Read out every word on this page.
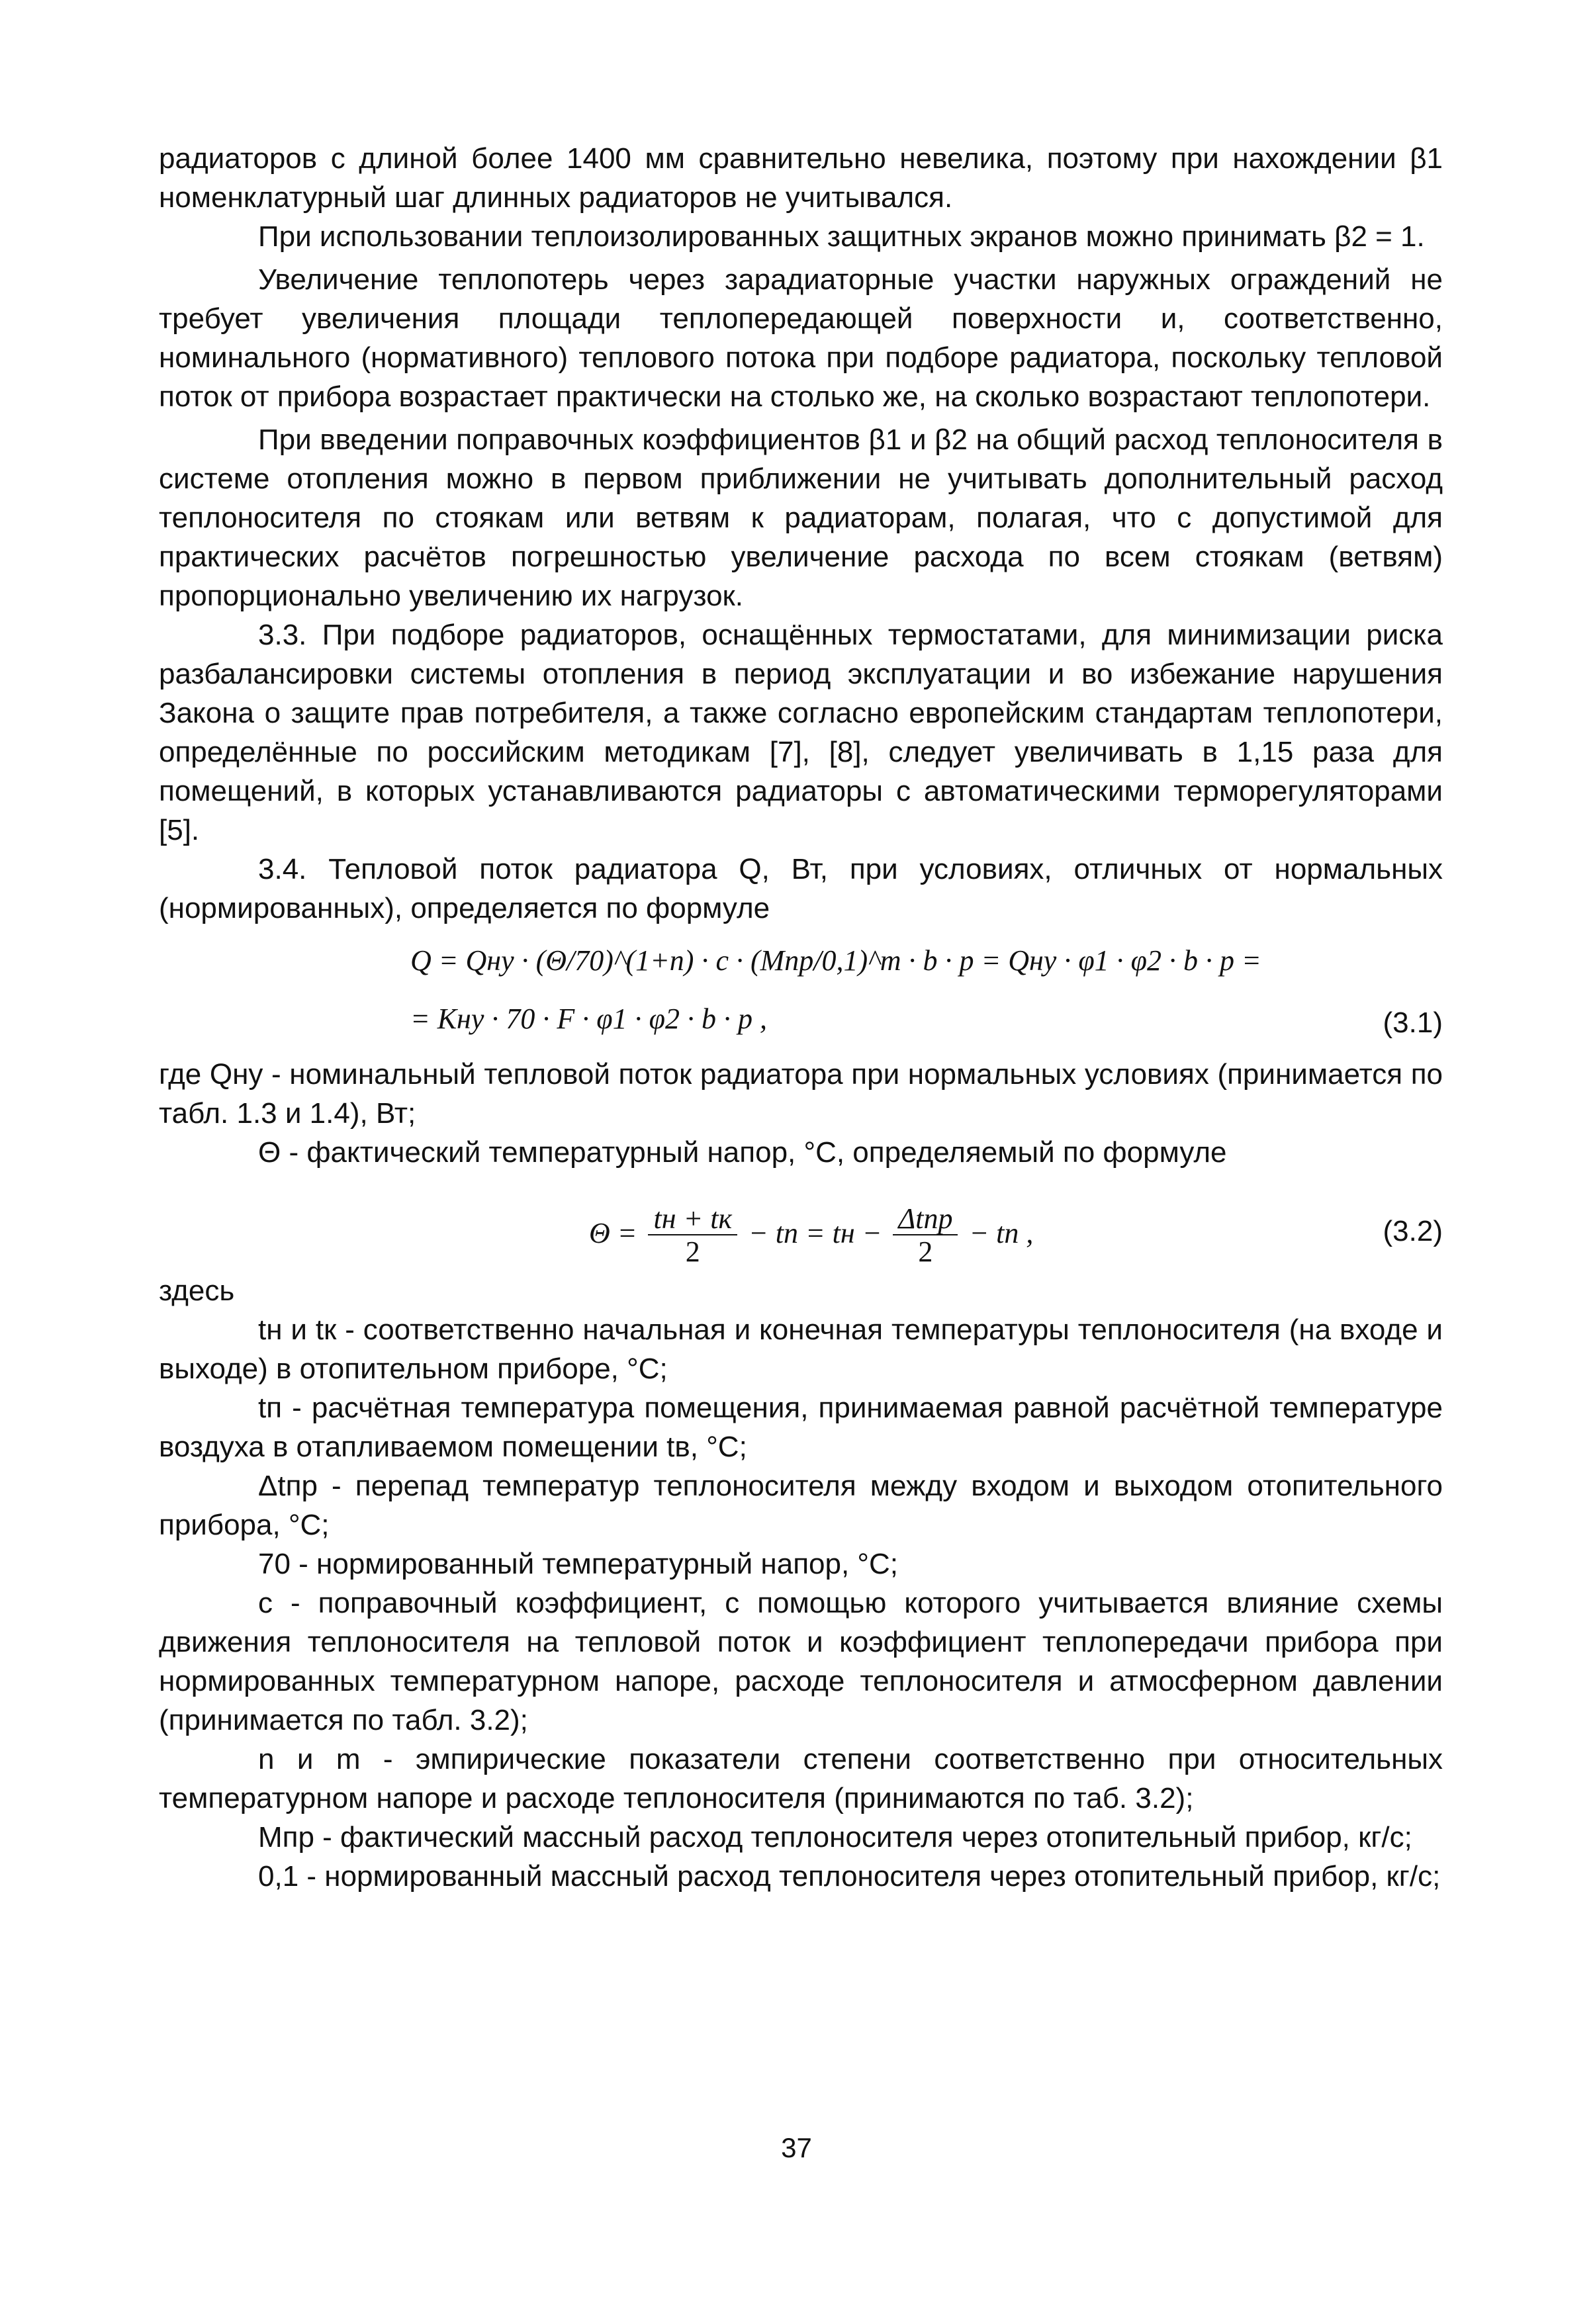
радиаторов с длиной более 1400 мм сравнительно невелика, поэтому при нахождении β1 номенклатурный шаг длинных радиаторов не учитывался.

При использовании теплоизолированных защитных экранов можно принимать β2 = 1.

Увеличение теплопотерь через зарадиаторные участки наружных ограждений не требует увеличения площади теплопередающей поверхности и, соответственно, номинального (нормативного) теплового потока при подборе радиатора, поскольку тепловой поток от прибора возрастает практически на столько же, на сколько возрастают теплопотери.

При введении поправочных коэффициентов β1 и β2 на общий расход теплоносителя в системе отопления можно в первом приближении не учитывать дополнительный расход теплоносителя по стоякам или ветвям к радиаторам, полагая, что с допустимой для практических расчётов погрешностью увеличение расхода по всем стоякам (ветвям) пропорционально увеличению их нагрузок.

3.3. При подборе радиаторов, оснащённых термостатами, для минимизации риска разбалансировки системы отопления в период эксплуатации и во избежание нарушения Закона о защите прав потребителя, а также согласно европейским стандартам теплопотери, определённые по российским методикам [7], [8], следует увеличивать в 1,15 раза для помещений, в которых устанавливаются радиаторы с автоматическими терморегуляторами [5].

3.4. Тепловой поток радиатора Q, Вт, при условиях, отличных от нормальных (нормированных), определяется по формуле

Q = Qну · (Θ/70)^(1+n) · c · (Mпр/0,1)^m · b · p = Qну · φ1 · φ2 · b · p =
= Kну · 70 · F · φ1 · φ2 · b · p ,	(3.1)

где Qну - номинальный тепловой поток радиатора при нормальных условиях (принимается по табл. 1.3 и 1.4), Вт;

Θ - фактический температурный напор, °С, определяемый по формуле

$\Theta = \frac{tн + tк}{2}$ − tп = tн − $\frac{\text{Δtпр}}{2}$ − tп ,	(3.2)

здесь

tн и tк - соответственно начальная и конечная температуры теплоносителя (на входе и выходе) в отопительном приборе, °С;

tп - расчётная температура помещения, принимаемая равной расчётной температуре воздуха в отапливаемом помещении tв, °С;

Δtпр - перепад температур теплоносителя между входом и выходом отопительного прибора, °С;

70 - нормированный температурный напор, °С;

с - поправочный коэффициент, с помощью которого учитывается влияние схемы движения теплоносителя на тепловой поток и коэффициент теплопередачи прибора при нормированных температурном напоре, расходе теплоносителя и атмосферном давлении (принимается по табл. 3.2);

n и m - эмпирические показатели степени соответственно при относительных температурном напоре и расходе теплоносителя (принимаются по таб. 3.2);

Mпр - фактический массный расход теплоносителя через отопительный прибор, кг/с;

0,1 - нормированный массный расход теплоносителя через отопительный прибор, кг/с;

37
